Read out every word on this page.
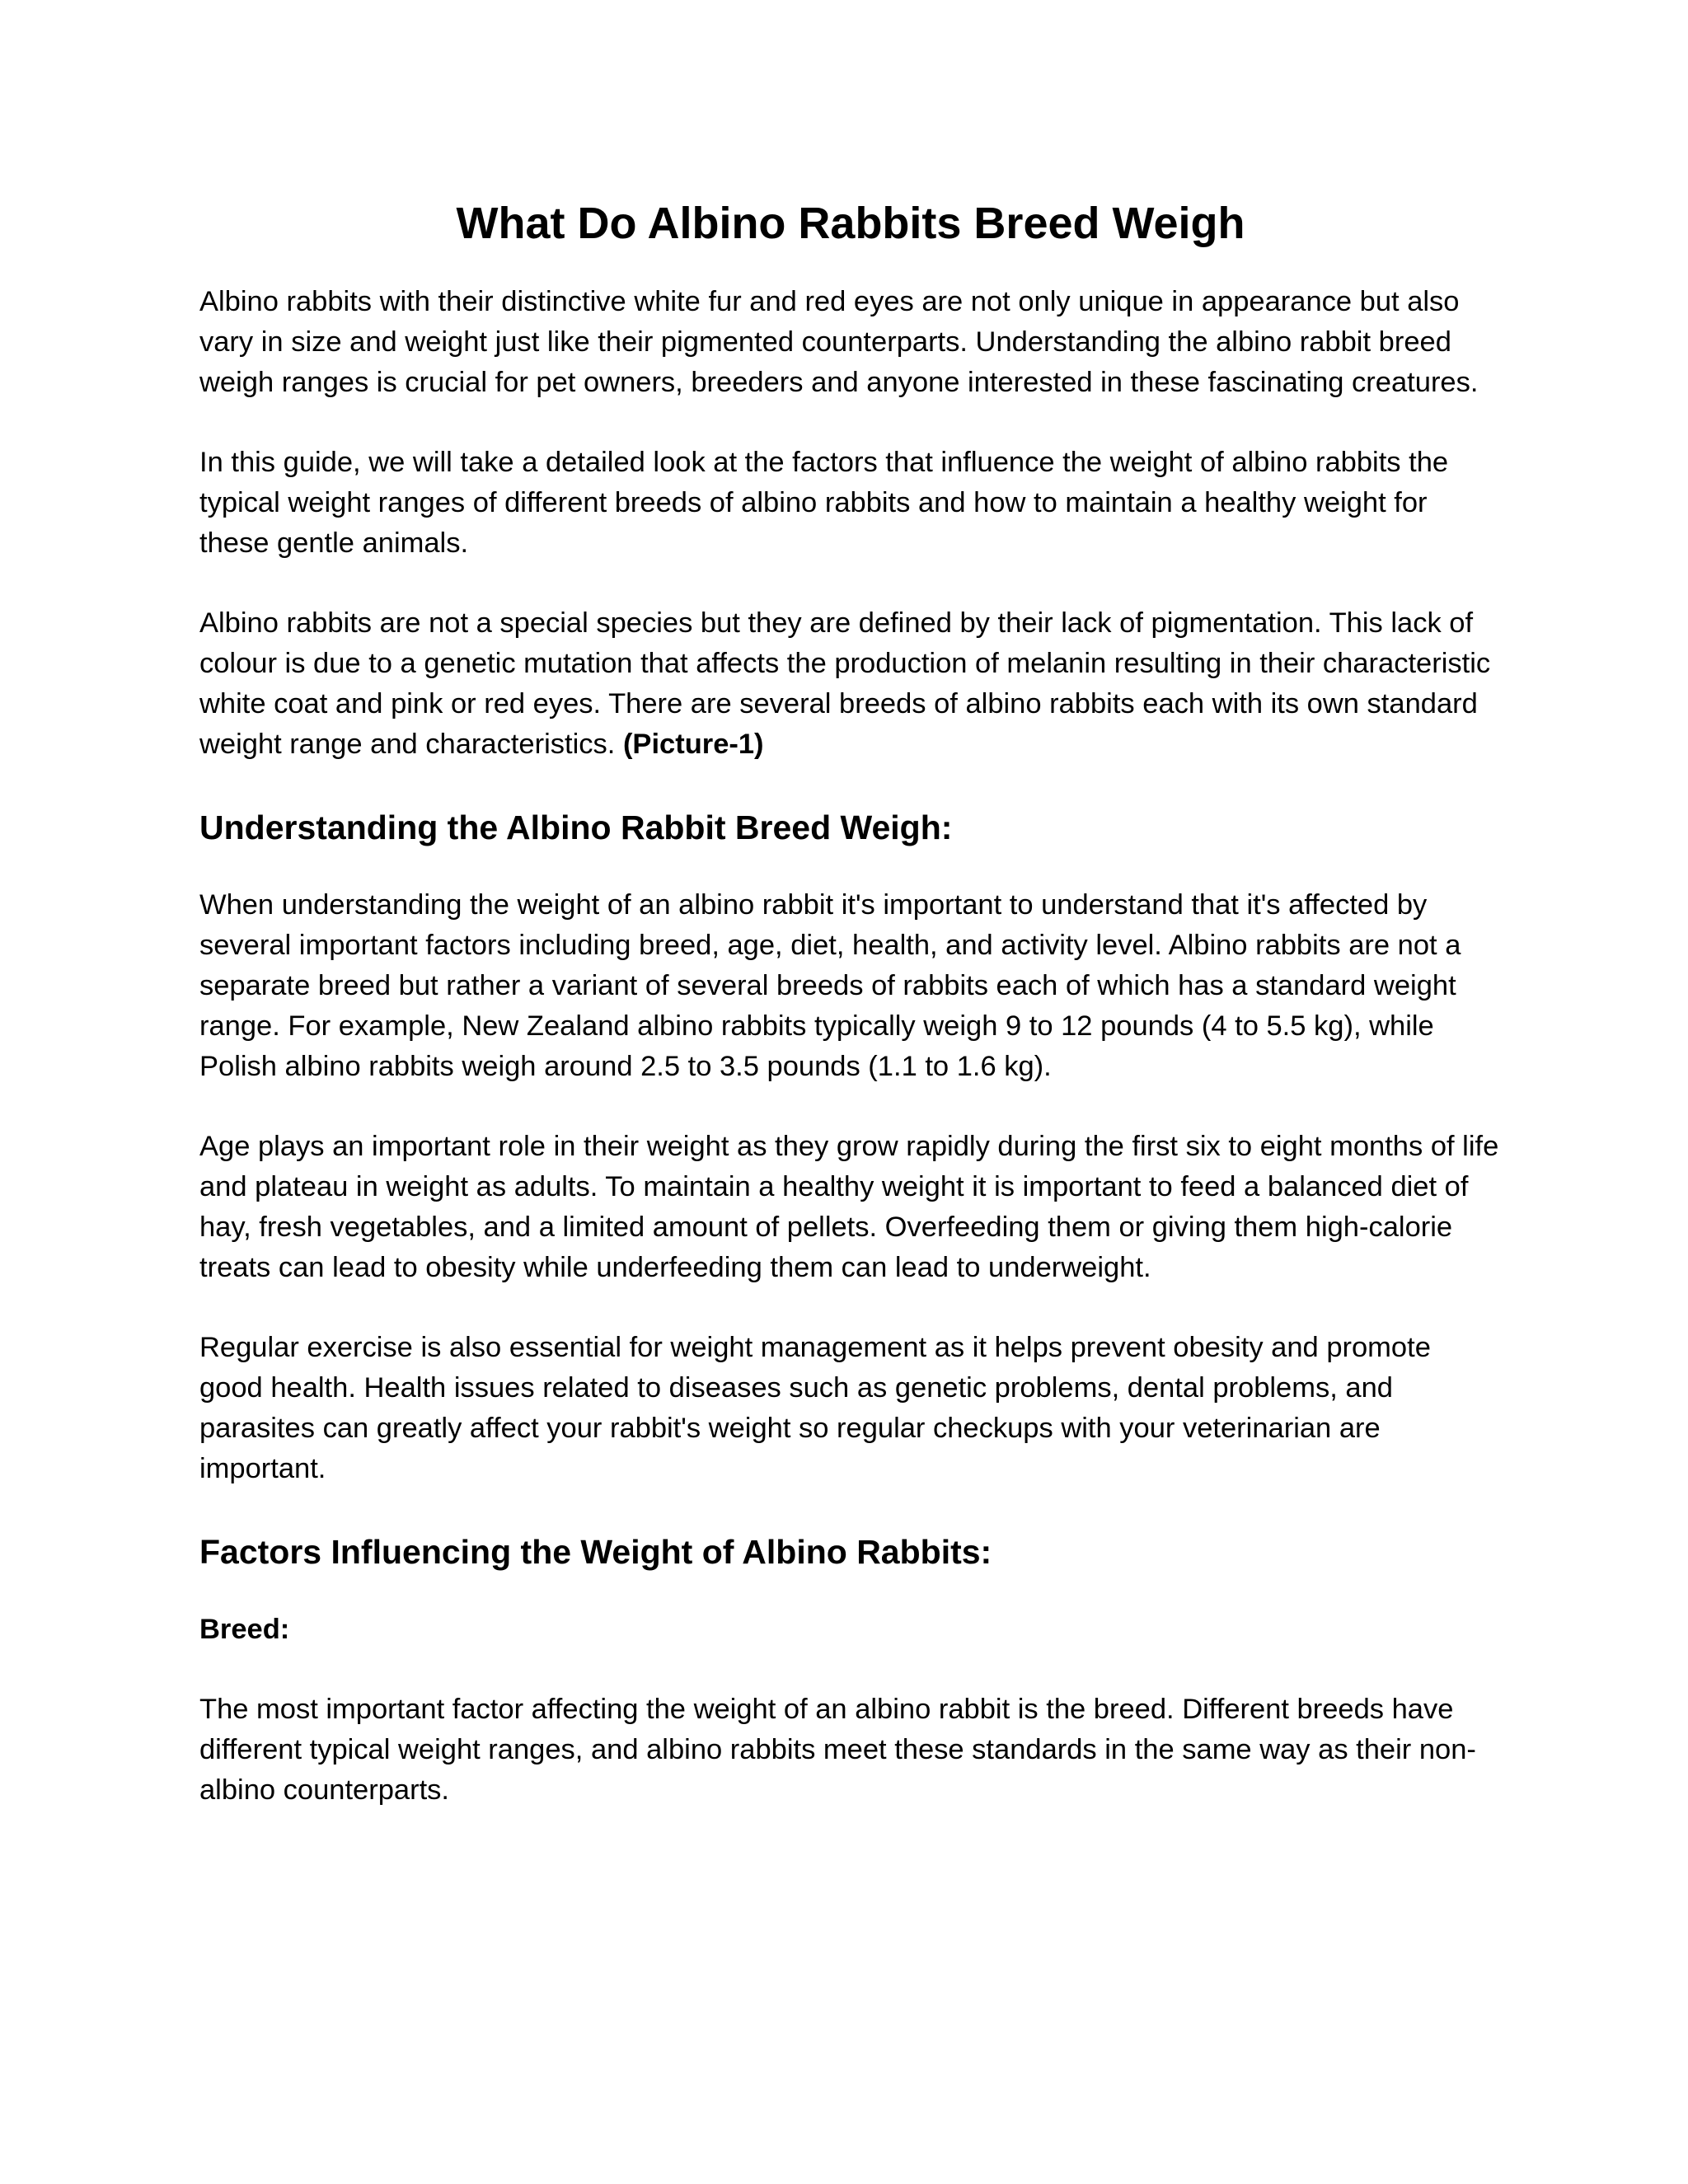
What Do Albino Rabbits Breed Weigh

Albino rabbits with their distinctive white fur and red eyes are not only unique in appearance but also vary in size and weight just like their pigmented counterparts. Understanding the albino rabbit breed weigh ranges is crucial for pet owners, breeders and anyone interested in these fascinating creatures.

In this guide, we will take a detailed look at the factors that influence the weight of albino rabbits the typical weight ranges of different breeds of albino rabbits and how to maintain a healthy weight for these gentle animals.

Albino rabbits are not a special species but they are defined by their lack of pigmentation. This lack of colour is due to a genetic mutation that affects the production of melanin resulting in their characteristic white coat and pink or red eyes. There are several breeds of albino rabbits each with its own standard weight range and characteristics. (Picture-1)

Understanding the Albino Rabbit Breed Weigh:

When understanding the weight of an albino rabbit it's important to understand that it's affected by several important factors including breed, age, diet, health, and activity level. Albino rabbits are not a separate breed but rather a variant of several breeds of rabbits each of which has a standard weight range. For example, New Zealand albino rabbits typically weigh 9 to 12 pounds (4 to 5.5 kg), while Polish albino rabbits weigh around 2.5 to 3.5 pounds (1.1 to 1.6 kg).

Age plays an important role in their weight as they grow rapidly during the first six to eight months of life and plateau in weight as adults. To maintain a healthy weight it is important to feed a balanced diet of hay, fresh vegetables, and a limited amount of pellets. Overfeeding them or giving them high-calorie treats can lead to obesity while underfeeding them can lead to underweight.

Regular exercise is also essential for weight management as it helps prevent obesity and promote good health. Health issues related to diseases such as genetic problems, dental problems, and parasites can greatly affect your rabbit's weight so regular checkups with your veterinarian are important.

Factors Influencing the Weight of Albino Rabbits:
Breed:

The most important factor affecting the weight of an albino rabbit is the breed. Different breeds have different typical weight ranges, and albino rabbits meet these standards in the same way as their non-albino counterparts.
